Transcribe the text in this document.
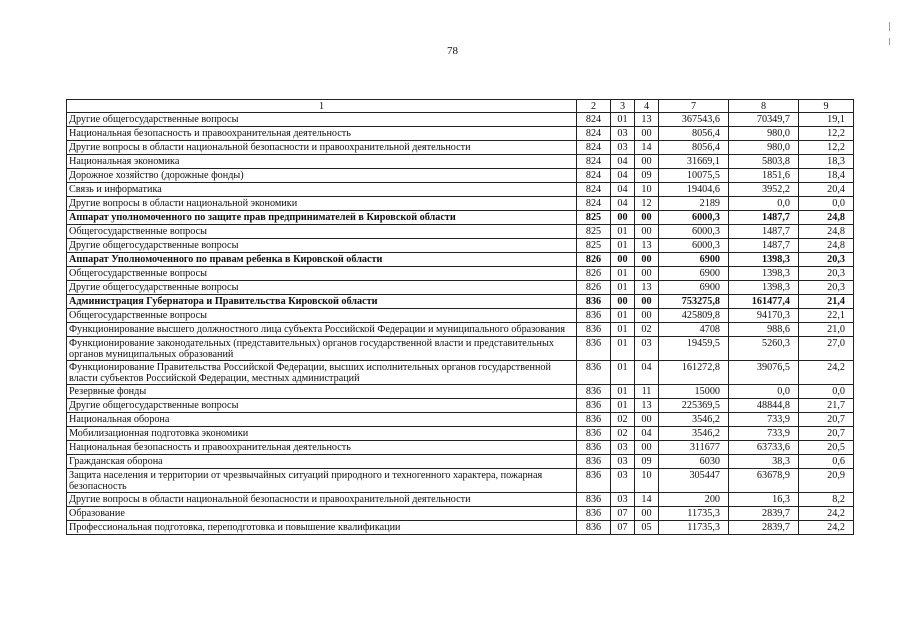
78
1	2	3	4	7	8	9
Другие общегосударственные вопросы	824	01	13	367543,6	70349,7	19,1
Национальная безопасность и правоохранительная деятельность	824	03	00	8056,4	980,0	12,2
Другие вопросы в области национальной безопасности и правоохранительной деятельности	824	03	14	8056,4	980,0	12,2
Национальная экономика	824	04	00	31669,1	5803,8	18,3
Дорожное хозяйство (дорожные фонды)	824	04	09	10075,5	1851,6	18,4
Связь и информатика	824	04	10	19404,6	3952,2	20,4
Другие вопросы в области национальной экономики	824	04	12	2189	0,0	0,0
Аппарат уполномоченного по защите прав предпринимателей в Кировской области	825	00	00	6000,3	1487,7	24,8
Общегосударственные вопросы	825	01	00	6000,3	1487,7	24,8
Другие общегосударственные вопросы	825	01	13	6000,3	1487,7	24,8
Аппарат Уполномоченного по правам ребенка в Кировской области	826	00	00	6900	1398,3	20,3
Общегосударственные вопросы	826	01	00	6900	1398,3	20,3
Другие общегосударственные вопросы	826	01	13	6900	1398,3	20,3
Администрация Губернатора и Правительства Кировской области	836	00	00	753275,8	161477,4	21,4
Общегосударственные вопросы	836	01	00	425809,8	94170,3	22,1
Функционирование высшего должностного лица субъекта Российской Федерации и муниципального образования	836	01	02	4708	988,6	21,0
Функционирование законодательных (представительных) органов государственной власти и представительных органов муниципальных образований	836	01	03	19459,5	5260,3	27,0
Функционирование Правительства Российской Федерации, высших исполнительных органов государственной власти субъектов Российской Федерации, местных администраций	836	01	04	161272,8	39076,5	24,2
Резервные фонды	836	01	11	15000	0,0	0,0
Другие общегосударственные вопросы	836	01	13	225369,5	48844,8	21,7
Национальная оборона	836	02	00	3546,2	733,9	20,7
Мобилизационная подготовка экономики	836	02	04	3546,2	733,9	20,7
Национальная безопасность и правоохранительная деятельность	836	03	00	311677	63733,6	20,5
Гражданская оборона	836	03	09	6030	38,3	0,6
Защита населения и территории от чрезвычайных ситуаций природного и техногенного характера, пожарная безопасность	836	03	10	305447	63678,9	20,9
Другие вопросы в области национальной безопасности и правоохранительной деятельности	836	03	14	200	16,3	8,2
Образование	836	07	00	11735,3	2839,7	24,2
Профессиональная подготовка, переподготовка и повышение квалификации	836	07	05	11735,3	2839,7	24,2
